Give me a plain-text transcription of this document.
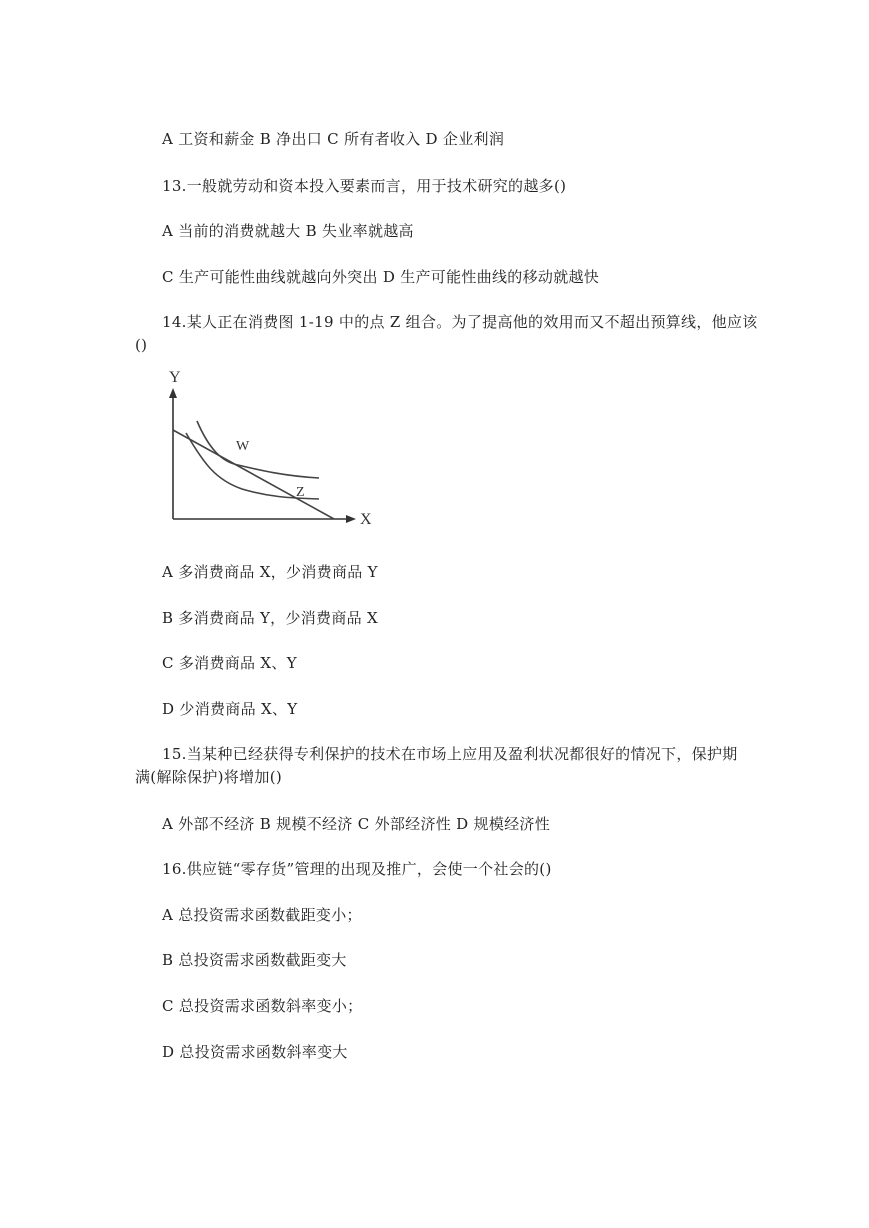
A 工资和薪金 B 净出口 C 所有者收入 D 企业利润
13.一般就劳动和资本投入要素而言，用于技术研究的越多()
A 当前的消费就越大 B 失业率就越高
C 生产可能性曲线就越向外突出 D 生产可能性曲线的移动就越快
14.某人正在消费图 1-19 中的点 Z 组合。为了提高他的效用而又不超出预算线，他应该
()
Y
X
W
Z
A 多消费商品 X，少消费商品 Y
B 多消费商品 Y，少消费商品 X
C 多消费商品 X、Y
D 少消费商品 X、Y
15.当某种已经获得专利保护的技术在市场上应用及盈利状况都很好的情况下，保护期
满(解除保护)将增加()
A 外部不经济 B 规模不经济 C 外部经济性 D 规模经济性
16.供应链“零存货”管理的出现及推广，会使一个社会的()
A 总投资需求函数截距变小；
B 总投资需求函数截距变大
C 总投资需求函数斜率变小；
D 总投资需求函数斜率变大
